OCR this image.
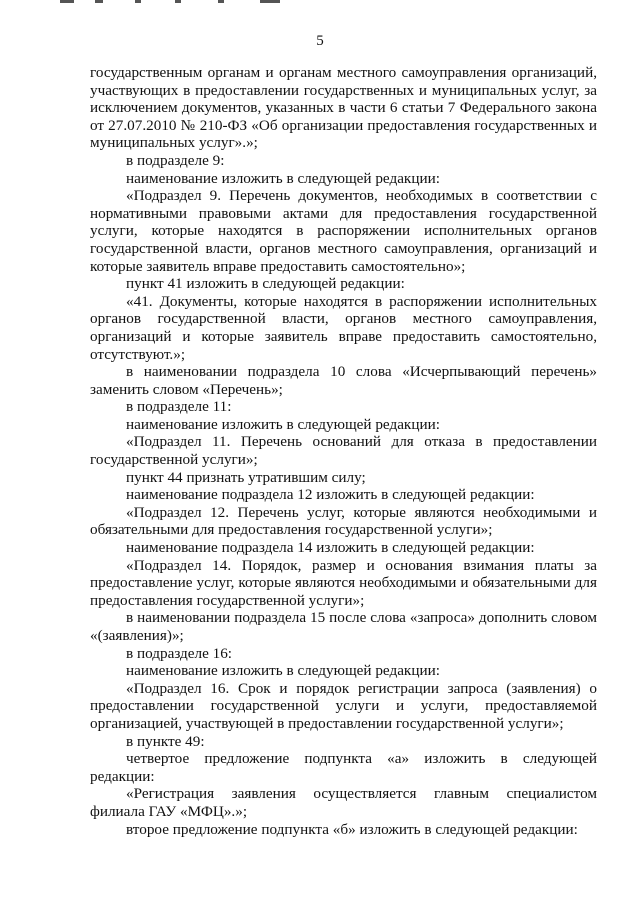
5

государственным органам и органам местного самоуправления организаций, участвующих в предоставлении государственных и муниципальных услуг, за исключением документов, указанных в части 6 статьи 7 Федерального закона от 27.07.2010 № 210-ФЗ «Об организации предоставления государственных и муниципальных услуг».»;

в подразделе 9:

наименование изложить в следующей редакции:

«Подраздел 9. Перечень документов, необходимых в соответствии с нормативными правовыми актами для предоставления государственной услуги, которые находятся в распоряжении исполнительных органов государственной власти, органов местного самоуправления, организаций и которые заявитель вправе предоставить самостоятельно»;

пункт 41 изложить в следующей редакции:

«41. Документы, которые находятся в распоряжении исполнительных органов государственной власти, органов местного самоуправления, организаций и которые заявитель вправе предоставить самостоятельно, отсутствуют.»;

в наименовании подраздела 10 слова «Исчерпывающий перечень» заменить словом «Перечень»;

в подразделе 11:

наименование изложить в следующей редакции:

«Подраздел 11. Перечень оснований для отказа в предоставлении государственной услуги»;

пункт 44 признать утратившим силу;

наименование подраздела 12 изложить в следующей редакции:

«Подраздел 12. Перечень услуг, которые являются необходимыми и обязательными для предоставления государственной услуги»;

наименование подраздела 14 изложить в следующей редакции:

«Подраздел 14. Порядок, размер и основания взимания платы за предоставление услуг, которые являются необходимыми и обязательными для предоставления государственной услуги»;

в наименовании подраздела 15 после слова «запроса» дополнить словом «(заявления)»;

в подразделе 16:

наименование изложить в следующей редакции:

«Подраздел 16. Срок и порядок регистрации запроса (заявления) о предоставлении государственной услуги и услуги, предоставляемой организацией, участвующей в предоставлении государственной услуги»;

в пункте 49:

четвертое предложение подпункта «а» изложить в следующей редакции:

«Регистрация заявления осуществляется главным специалистом филиала ГАУ «МФЦ».»;

второе предложение подпункта «б» изложить в следующей редакции:
